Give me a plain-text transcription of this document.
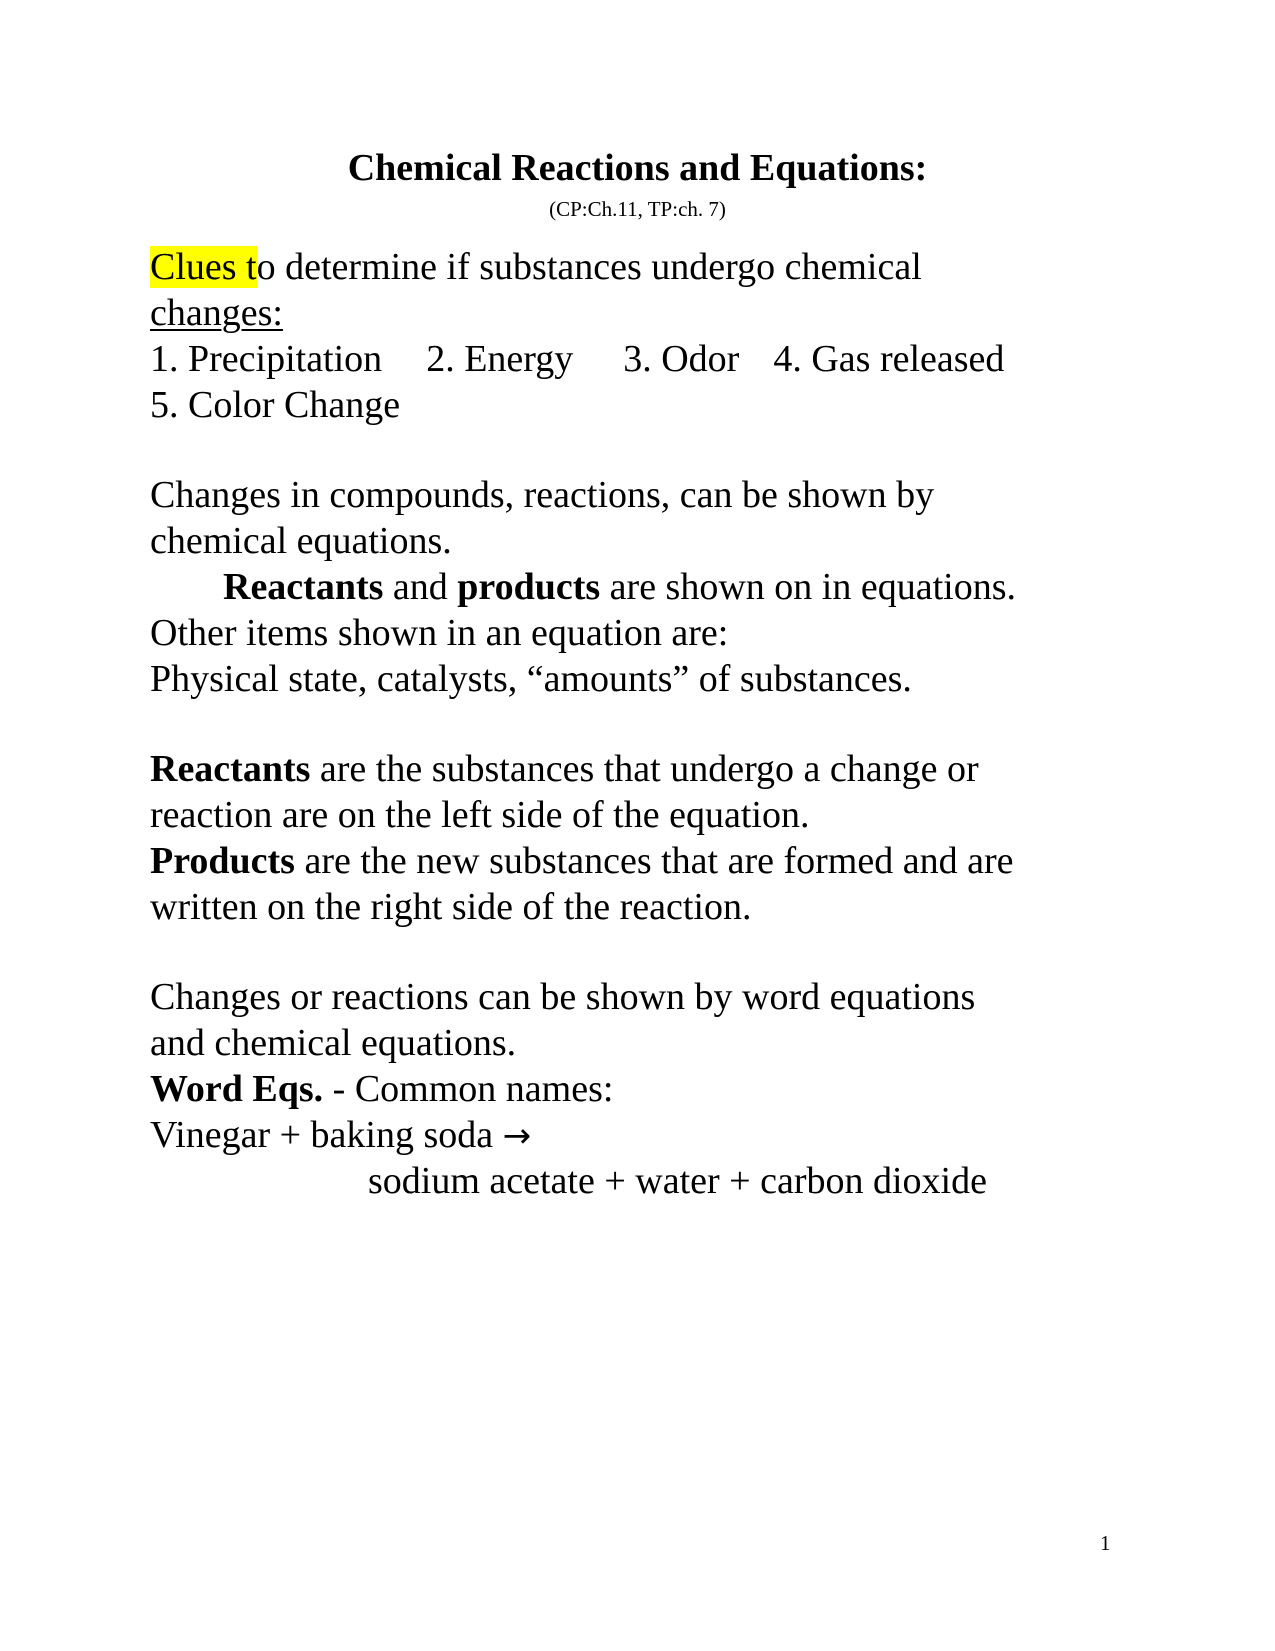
Chemical Reactions and Equations:
(CP:Ch.11, TP:ch. 7)
Clues to determine if substances undergo chemical
changes:
1. Precipitation 2. Energy 3. Odor 4. Gas released
5. Color Change
Changes in compounds, reactions, can be shown by
chemical equations.
Reactants and products are shown on in equations.
Other items shown in an equation are:
Physical state, catalysts, “amounts” of substances.
Reactants are the substances that undergo a change or
reaction are on the left side of the equation.
Products are the new substances that are formed and are
written on the right side of the reaction.
Changes or reactions can be shown by word equations
and chemical equations.
Word Eqs. - Common names:
Vinegar + baking soda →
sodium acetate + water + carbon dioxide
1
